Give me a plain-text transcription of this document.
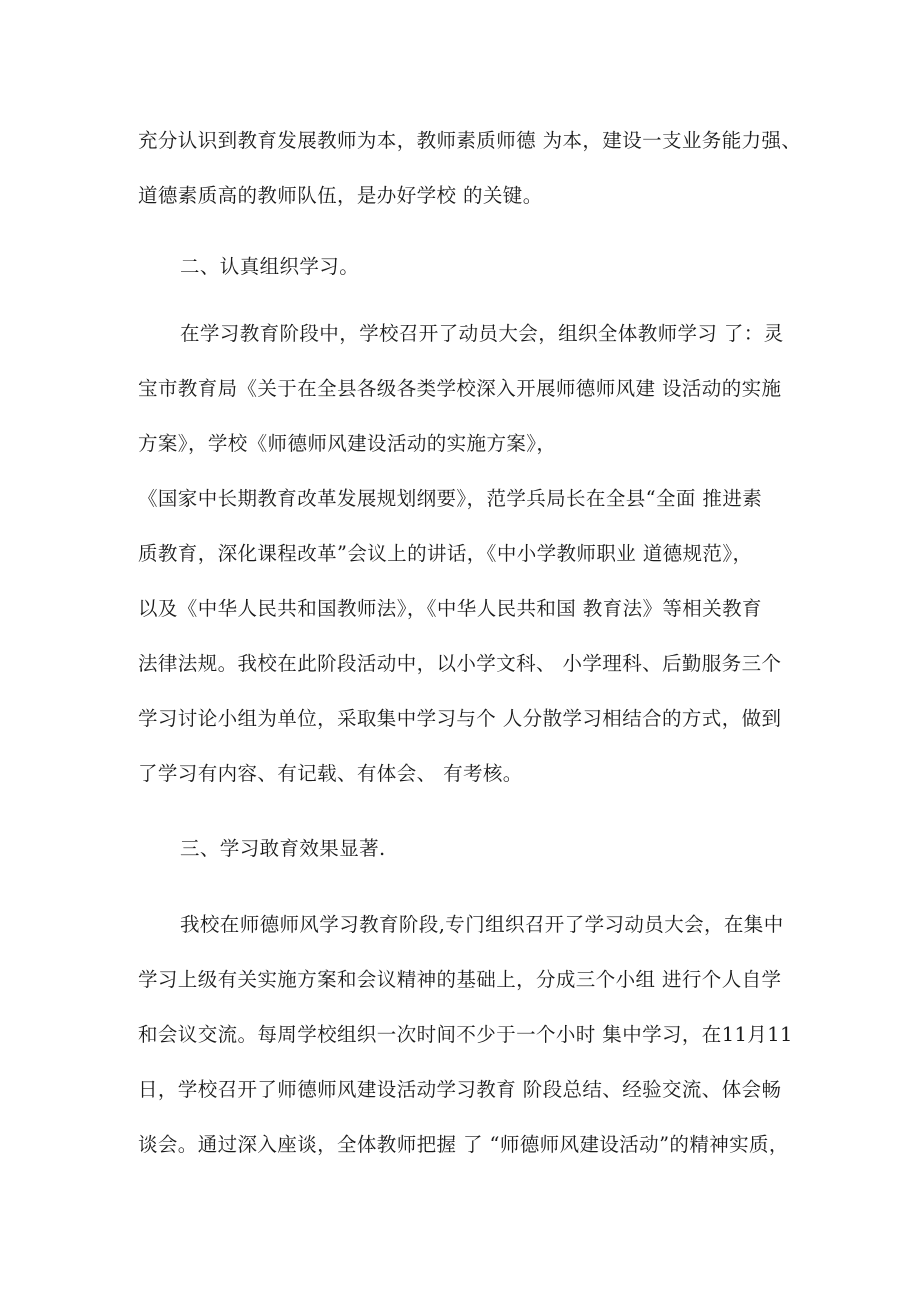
充分认识到教育发展教师为本，教师素质师德 为本，建设一支业务能力强、
道德素质高的教师队伍，是办好学校 的关键。
二、认真组织学习。
在学习教育阶段中，学校召开了动员大会，组织全体教师学习 了：灵
宝市教育局《关于在全县各级各类学校深入开展师德师风建 设活动的实施
方案》，学校《师德师风建设活动的实施方案》，
《国家中长期教育改革发展规划纲要》，范学兵局长在全县“全面 推进素
质教育，深化课程改革”会议上的讲话，《中小学教师职业 道德规范》，
以及《中华人民共和国教师法》，《中华人民共和国 教育法》等相关教育
法律法规。我校在此阶段活动中，以小学文科、 小学理科、后勤服务三个
学习讨论小组为单位，采取集中学习与个 人分散学习相结合的方式，做到
了学习有内容、有记载、有体会、 有考核。
三、学习敢育效果显著.
我校在师德师风学习教育阶段,专门组织召开了学习动员大会，在集中
学习上级有关实施方案和会议精神的基础上，分成三个小组 进行个人自学
和会议交流。每周学校组织一次时间不少于一个小时 集中学习，在11月11
日，学校召开了师德师风建设活动学习教育 阶段总结、经验交流、体会畅
谈会。通过深入座谈，全体教师把握 了 “师德师风建设活动”的精神实质，
